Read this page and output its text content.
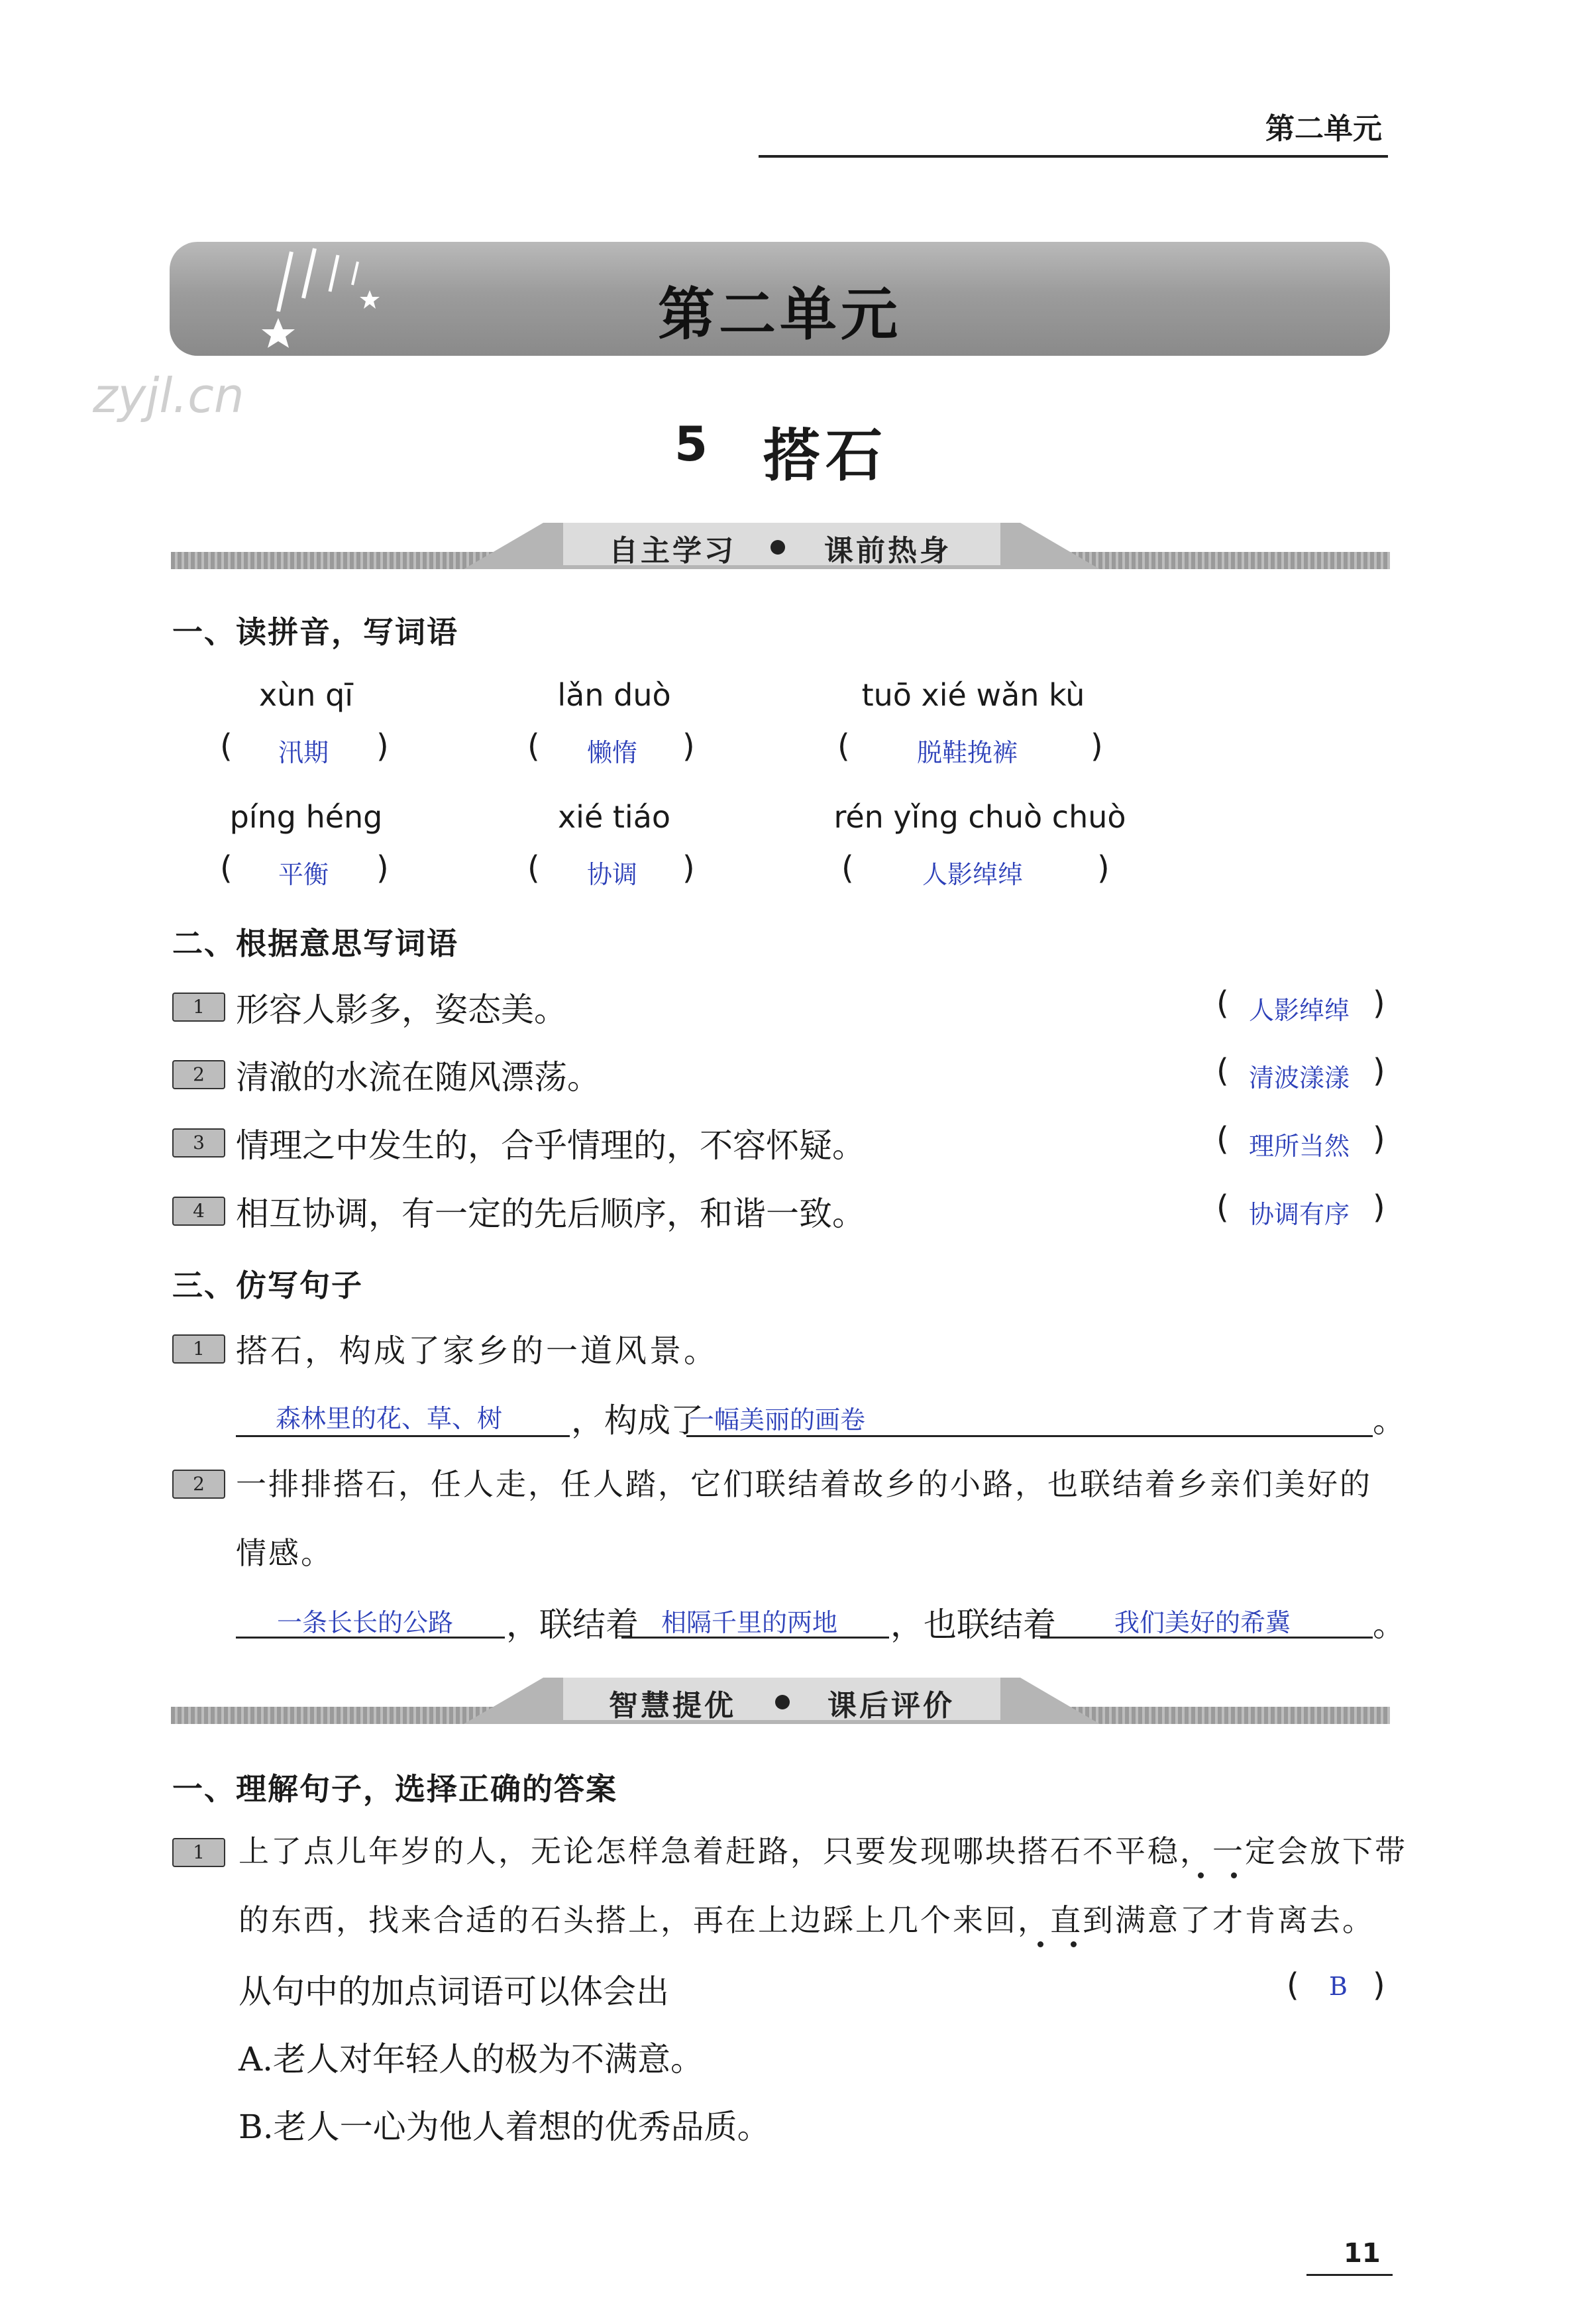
第二单元
zyjl.cn
第二单元
5 搭石
自主学习	课前热身
一、读拼音，写词语
xùn qī	lǎn duò	tuō xié wǎn kù
( 汛期 )	( 懒惰 )	(	脱鞋挽裤 )
píng héng	xié tiáo	rén yǐng chuò chuò
( 平衡 )	( 协调 )	(	人影绰绰 )
二、根据意思写词语
1 形容人影多，姿态美。	( 人影绰绰 )
2 清澈的水流在随风漂荡。	( 清波漾漾 )
3 情理之中发生的，合乎情理的，不容怀疑。	( 理所当然 )
4 相互协调，有一定的先后顺序，和谐一致。	( 协调有序 )
三、仿写句子
1 搭石，构成了家乡的一道风景。
森林里的花、草、树 ，构成了
一幅美丽的画卷	。
2	一排排搭石，任人走，任人踏，它们联结着故乡的小路，也联结着乡亲们美好的
情感。
一条长长的公路 ，联结着 相隔千里的两地 ，也联结着 我们美好的希冀 。
智慧提优	课后评价
一、理解句子，选择正确的答案
1	上了点儿年岁的人，无论怎样急着赶路，只要发现哪块搭石不平稳，一定会放下带
的东西，找来合适的石头搭上，再在上边踩上几个来回，直到满意了才肯离去。
从句中的加点词语可以体会出	( B )
A.老人对年轻人的极为不满意。
B.老人一心为他人着想的优秀品质。
11
